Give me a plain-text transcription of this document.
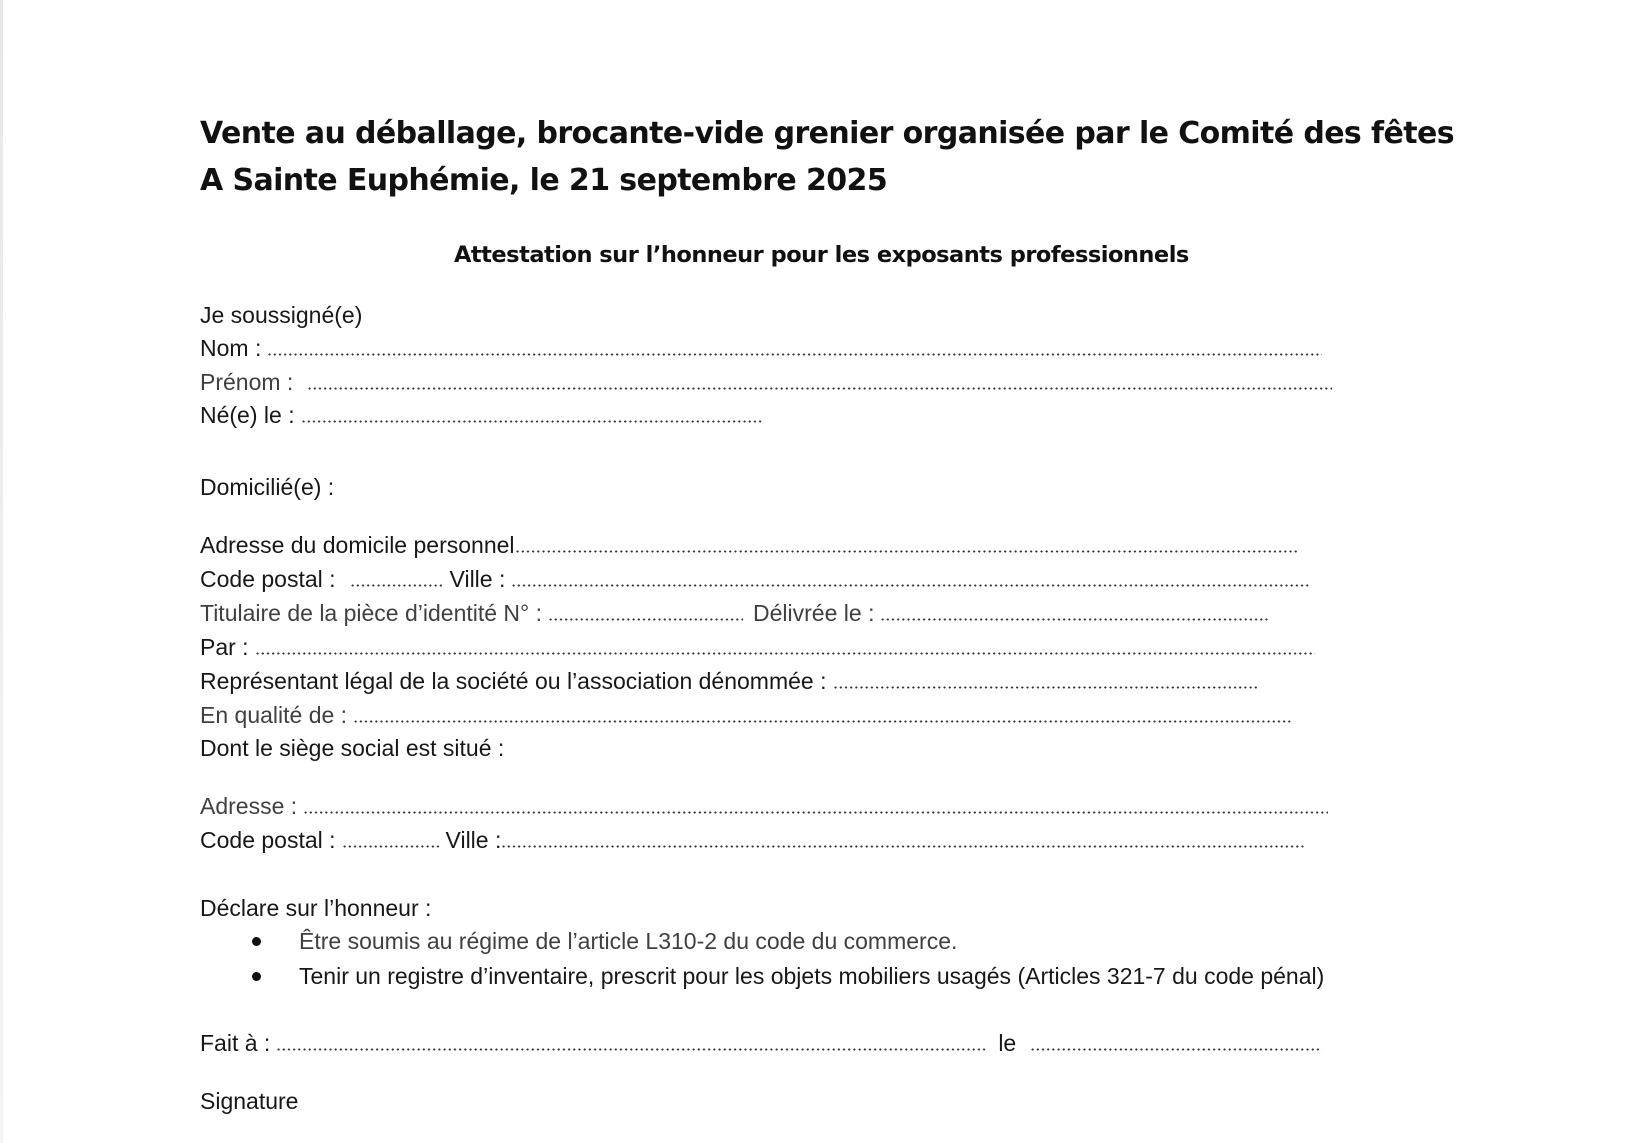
Vente au déballage, brocante-vide grenier organisée par le Comité des fêtes
A Sainte Euphémie, le 21 septembre 2025
Attestation sur l’honneur pour les exposants professionnels
Je soussigné(e)
Nom :
Prénom :
Né(e) le :
Domicilié(e) :
Adresse du domicile personnel
Code postal :	Ville :
Titulaire de la pièce d’identité N° :	Délivrée le :
Par :
Représentant légal de la société ou l’association dénommée :
En qualité de :
Dont le siège social est situé :
Adresse :
Code postal :	Ville :
Déclare sur l’honneur :
Être soumis au régime de l’article L310-2 du code du commerce.
Tenir un registre d’inventaire, prescrit pour les objets mobiliers usagés (Articles 321-7 du code pénal)
Fait à :	le
Signature
